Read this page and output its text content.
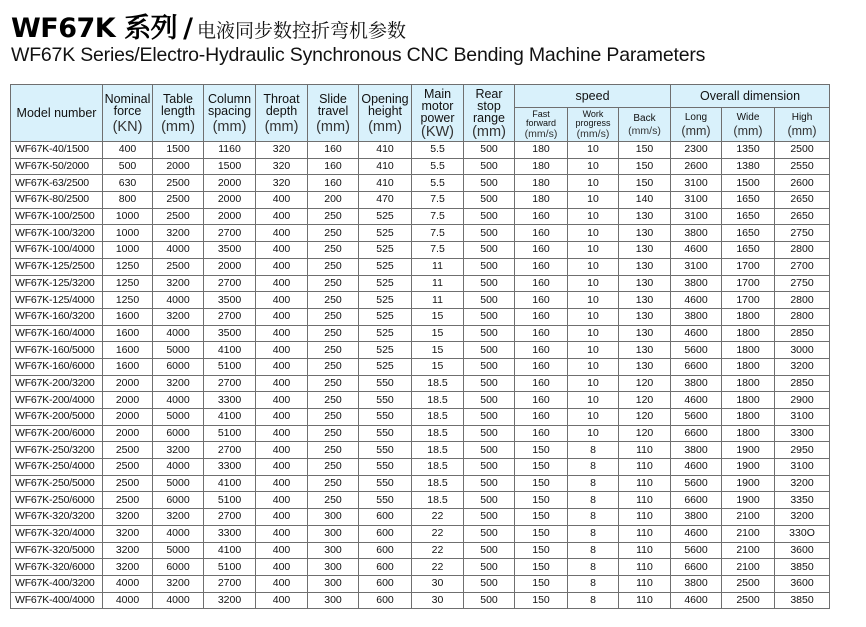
WF67K 系列 / 电液同步数控折弯机参数
WF67K Series/Electro-Hydraulic Synchronous CNC Bending Machine Parameters
Model number	Nominal
force
(KN)	Table
length
(mm)	Column
spacing
(mm)	Throat
depth
(mm)	Slide
travel
(mm)	Opening
height
(mm)	Main
motor
power
(KW)	Rear
stop
range
(mm)	speed			Overall dimension		

									Fast
forward
(mm/s)	Work
progress
(mm/s)	Back
(mm/s)	Long
(mm)	Wide
(mm)	High
(mm)

WF67K-40/1500	400	1500	1160	320	160	410	5.5	500	180	10	150	2300	1350	2500
WF67K-50/2000	500	2000	1500	320	160	410	5.5	500	180	10	150	2600	1380	2550
WF67K-63/2500	630	2500	2000	320	160	410	5.5	500	180	10	150	3100	1500	2600
WF67K-80/2500	800	2500	2000	400	200	470	7.5	500	180	10	140	3100	1650	2650
WF67K-100/2500	1000	2500	2000	400	250	525	7.5	500	160	10	130	3100	1650	2650
WF67K-100/3200	1000	3200	2700	400	250	525	7.5	500	160	10	130	3800	1650	2750
WF67K-100/4000	1000	4000	3500	400	250	525	7.5	500	160	10	130	4600	1650	2800
WF67K-125/2500	1250	2500	2000	400	250	525	11	500	160	10	130	3100	1700	2700
WF67K-125/3200	1250	3200	2700	400	250	525	11	500	160	10	130	3800	1700	2750
WF67K-125/4000	1250	4000	3500	400	250	525	11	500	160	10	130	4600	1700	2800
WF67K-160/3200	1600	3200	2700	400	250	525	15	500	160	10	130	3800	1800	2800
WF67K-160/4000	1600	4000	3500	400	250	525	15	500	160	10	130	4600	1800	2850
WF67K-160/5000	1600	5000	4100	400	250	525	15	500	160	10	130	5600	1800	3000
WF67K-160/6000	1600	6000	5100	400	250	525	15	500	160	10	130	6600	1800	3200
WF67K-200/3200	2000	3200	2700	400	250	550	18.5	500	160	10	120	3800	1800	2850
WF67K-200/4000	2000	4000	3300	400	250	550	18.5	500	160	10	120	4600	1800	2900
WF67K-200/5000	2000	5000	4100	400	250	550	18.5	500	160	10	120	5600	1800	3100
WF67K-200/6000	2000	6000	5100	400	250	550	18.5	500	160	10	120	6600	1800	3300
WF67K-250/3200	2500	3200	2700	400	250	550	18.5	500	150	8	110	3800	1900	2950
WF67K-250/4000	2500	4000	3300	400	250	550	18.5	500	150	8	110	4600	1900	3100
WF67K-250/5000	2500	5000	4100	400	250	550	18.5	500	150	8	110	5600	1900	3200
WF67K-250/6000	2500	6000	5100	400	250	550	18.5	500	150	8	110	6600	1900	3350
WF67K-320/3200	3200	3200	2700	400	300	600	22	500	150	8	110	3800	2100	3200
WF67K-320/4000	3200	4000	3300	400	300	600	22	500	150	8	110	4600	2100	330O
WF67K-320/5000	3200	5000	4100	400	300	600	22	500	150	8	110	5600	2100	3600
WF67K-320/6000	3200	6000	5100	400	300	600	22	500	150	8	110	6600	2100	3850
WF67K-400/3200	4000	3200	2700	400	300	600	30	500	150	8	110	3800	2500	3600
WF67K-400/4000	4000	4000	3200	400	300	600	30	500	150	8	110	4600	2500	3850
